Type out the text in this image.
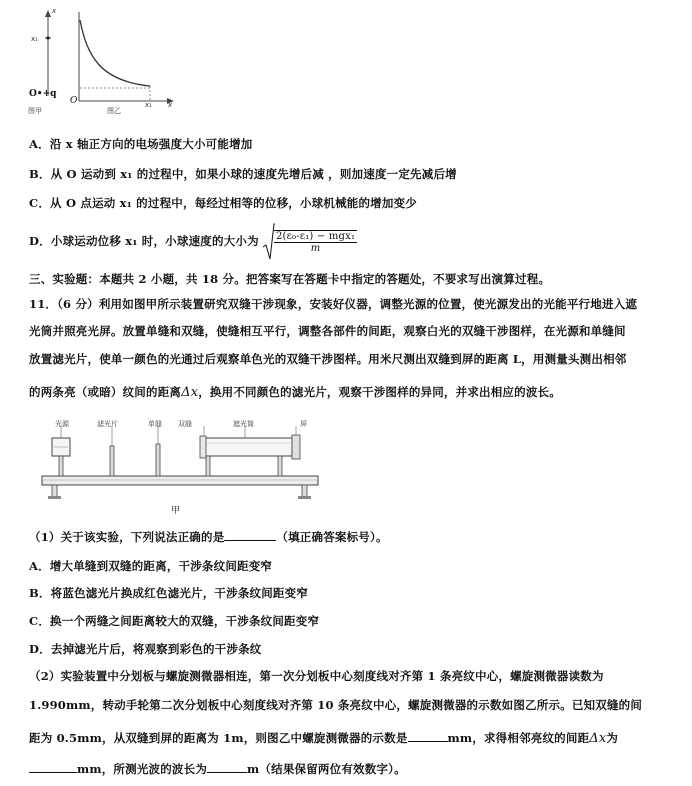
x
x₁
O•+q
图甲
O
图乙
x₁ x
A．沿 x 轴正方向的电场强度大小可能增加
B．从 O 运动到 x₁ 的过程中，如果小球的速度先增后减 ，则加速度一定先减后增
C．从 O 点运动 x₁ 的过程中，每经过相等的位移，小球机械能的增加变少
D．小球运动位移 x₁ 时，小球速度的大小为 $\frac{\text{2(ε₀-ε₁) − mgx₁}}{m}$
三、实验题：本题共 2 小题，共 18 分。把答案写在答题卡中指定的答题处，不要求写出演算过程。
11．（6 分）利用如图甲所示装置研究双缝干涉现象，安装好仪器，调整光源的位置，使光源发出的光能平行地进入遮
光筒并照亮光屏。放置单缝和双缝，使缝相互平行，调整各部件的间距，观察白光的双缝干涉图样，在光源和单缝间
放置滤光片，使单一颜色的光通过后观察单色光的双缝干涉图样。用米尺测出双缝到屏的距离 L，用测量头测出相邻
的两条亮（或暗）纹间的距离Δx，换用不同颜色的滤光片，观察干涉图样的异同，并求出相应的波长。
光源	滤光片	单缝 双缝	遮光筒	屏
甲
（1）关于该实验，下列说法正确的是	（填正确答案标号）。
A．增大单缝到双缝的距离，干涉条纹间距变窄
B．将蓝色滤光片换成红色滤光片，干涉条纹间距变窄
C．换一个两缝之间距离较大的双缝，干涉条纹间距变窄
D．去掉滤光片后，将观察到彩色的干涉条纹
（2）实验装置中分划板与螺旋测微器相连，第一次分划板中心刻度线对齐第 1 条亮纹中心，螺旋测微器读数为
1.990mm，转动手轮第二次分划板中心刻度线对齐第 10 条亮纹中心，螺旋测微器的示数如图乙所示。已知双缝的间
距为 0.5mm，从双缝到屏的距离为 1m，则图乙中螺旋测微器的示数是	mm，求得相邻亮纹的间距Δx为
mm，所测光波的波长为	m（结果保留两位有效数字）。
